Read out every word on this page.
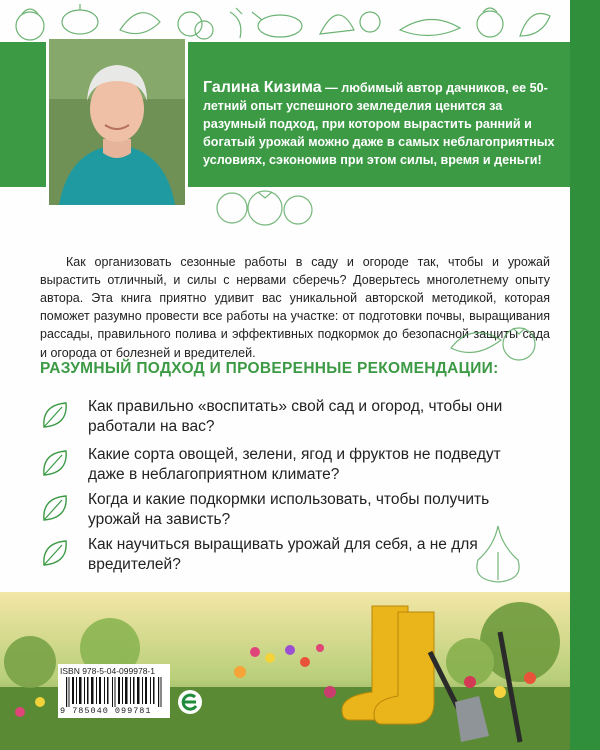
Галина Кизима — любимый автор дачников, ее 50-летний опыт успешного земледелия ценится за разумный подход, при котором вырастить ранний и богатый урожай можно даже в самых неблагоприятных условиях, сэкономив при этом силы, время и деньги!

Как организовать сезонные работы в саду и огороде так, чтобы и урожай вырастить отличный, и силы с нервами сберечь? Доверьтесь многолетнему опыту автора. Эта книга приятно удивит вас уникальной авторской методикой, которая поможет разумно провести все работы на участке: от подготовки почвы, выращивания рассады, правильного полива и эффективных подкормок до безопасной защиты сада и огорода от болезней и вредителей.

РАЗУМНЫЙ ПОДХОД И ПРОВЕРЕННЫЕ РЕКОМЕНДАЦИИ:
Как правильно «воспитать» свой сад и огород, чтобы они работали на вас?
Какие сорта овощей, зелени, ягод и фруктов не подведут даже в неблагоприятном климате?
Когда и какие подкормки использовать, чтобы получить урожай на зависть?
Как научиться выращивать урожай для себя, а не для вредителей?
ISBN 978-5-04-099978-1
9 785040 099781
